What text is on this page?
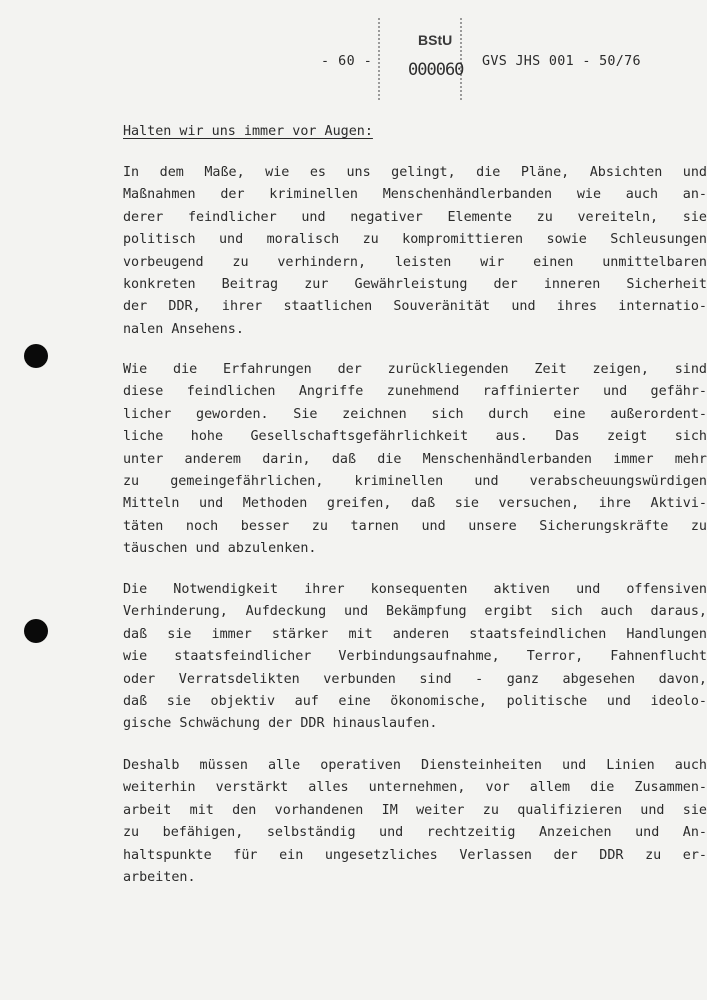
- 60 -
BStU
000060 GVS JHS 001 - 50/76
Halten wir uns immer vor Augen:
In dem Maße, wie es uns gelingt, die Pläne, Absichten und
Maßnahmen der kriminellen Menschenhändlerbanden wie auch an-
derer feindlicher und negativer Elemente zu vereiteln, sie
politisch und moralisch zu kompromittieren sowie Schleusungen
vorbeugend zu verhindern, leisten wir einen unmittelbaren
konkreten Beitrag zur Gewährleistung der inneren Sicherheit
der DDR, ihrer staatlichen Souveränität und ihres internatio-
nalen Ansehens.
Wie die Erfahrungen der zurückliegenden Zeit zeigen, sind
diese feindlichen Angriffe zunehmend raffinierter und gefähr-
licher geworden. Sie zeichnen sich durch eine außerordent-
liche hohe Gesellschaftsgefährlichkeit aus. Das zeigt sich
unter anderem darin, daß die Menschenhändlerbanden immer mehr
zu gemeingefährlichen, kriminellen und verabscheuungswürdigen
Mitteln und Methoden greifen, daß sie versuchen, ihre Aktivi-
täten noch besser zu tarnen und unsere Sicherungskräfte zu
täuschen und abzulenken.
Die Notwendigkeit ihrer konsequenten aktiven und offensiven
Verhinderung, Aufdeckung und Bekämpfung ergibt sich auch daraus,
daß sie immer stärker mit anderen staatsfeindlichen Handlungen
wie staatsfeindlicher Verbindungsaufnahme, Terror, Fahnenflucht
oder Verratsdelikten verbunden sind - ganz abgesehen davon,
daß sie objektiv auf eine ökonomische, politische und ideolo-
gische Schwächung der DDR hinauslaufen.
Deshalb müssen alle operativen Diensteinheiten und Linien auch
weiterhin verstärkt alles unternehmen, vor allem die Zusammen-
arbeit mit den vorhandenen IM weiter zu qualifizieren und sie
zu befähigen, selbständig und rechtzeitig Anzeichen und An-
haltspunkte für ein ungesetzliches Verlassen der DDR zu er-
arbeiten.
